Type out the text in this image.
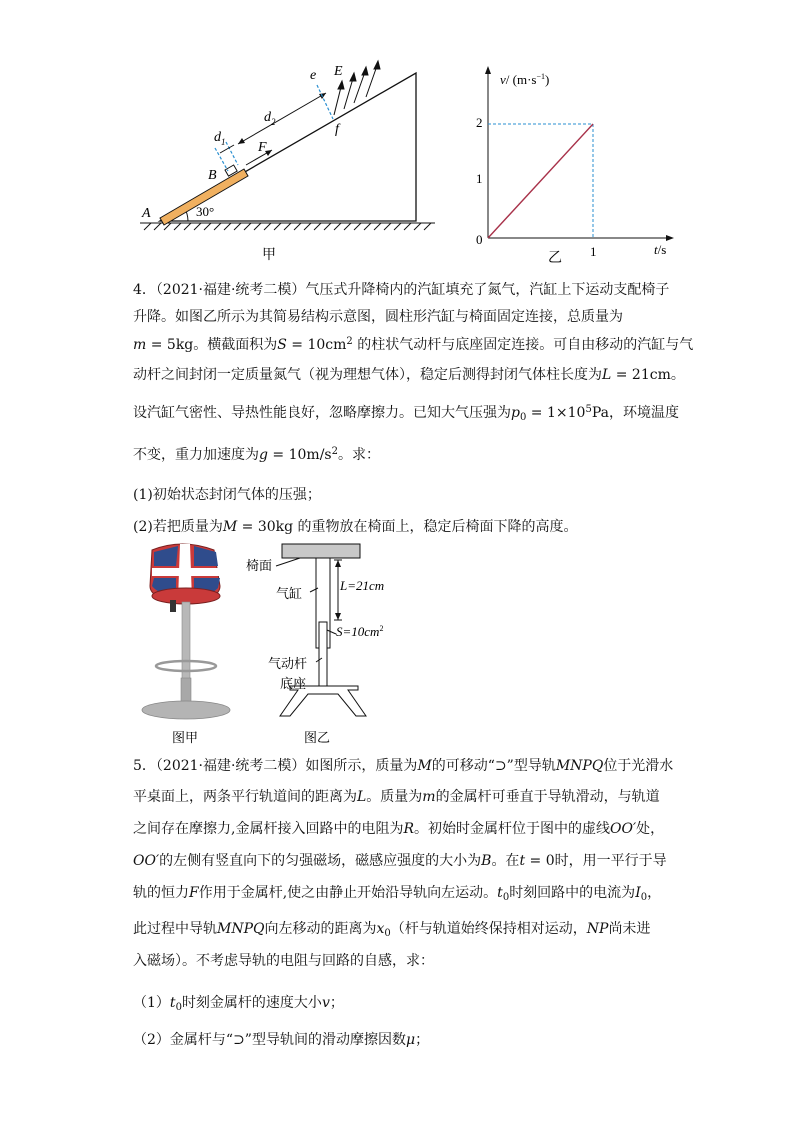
A	30°
B
$d_1$
$d_2$
F
e E
f
甲
v/ $(m\cdot s^{-1})$
0
2
1
1	t/s
乙
4．（2021·福建·统考二模）气压式升降椅内的汽缸填充了氮气，汽缸上下运动支配椅子
升降。如图乙所示为其简易结构示意图，圆柱形汽缸与椅面固定连接，总质量为
m = 5kg。横截面积为$S = 10cm^2$ 的柱状气动杆与底座固定连接。可自由移动的汽缸与气
动杆之间封闭一定质量氮气（视为理想气体），稳定后测得封闭气体柱长度为L = 21cm。
设汽缸气密性、导热性能良好，忽略摩擦力。已知大气压强为$p_0 = 1\times 10^5Pa$，环境温度
不变，重力加速度为$g = 10m/s^2$。求：
(1)初始状态封闭气体的压强；
(2)若把质量为M = 30kg 的重物放在椅面上，稳定后椅面下降的高度。
椅面
气缸
L=21cm
$S=10cm^2$
气动杆
底座
图甲	图乙
5．（2021·福建·统考二模）如图所示，质量为M的可移动“⊃”型导轨MNPQ位于光滑水
平桌面上，两条平行轨道间的距离为L。质量为m的金属杆可垂直于导轨滑动，与轨道
之间存在摩擦力,金属杆接入回路中的电阻为R。初始时金属杆位于图中的虚线OO′处，
OO′的左侧有竖直向下的匀强磁场，磁感应强度的大小为B。在t = 0时，用一平行于导
轨的恒力F作用于金属杆,使之由静止开始沿导轨向左运动。$t_0$时刻回路中的电流为$I_0$，
此过程中导轨MNPQ向左移动的距离为$x_0$（杆与轨道始终保持相对运动，NP尚未进
入磁场）。不考虑导轨的电阻与回路的自感，求：
$(1)t_0$时刻金属杆的速度大小v；
（2）金属杆与“⊃”型导轨间的滑动摩擦因数μ；
